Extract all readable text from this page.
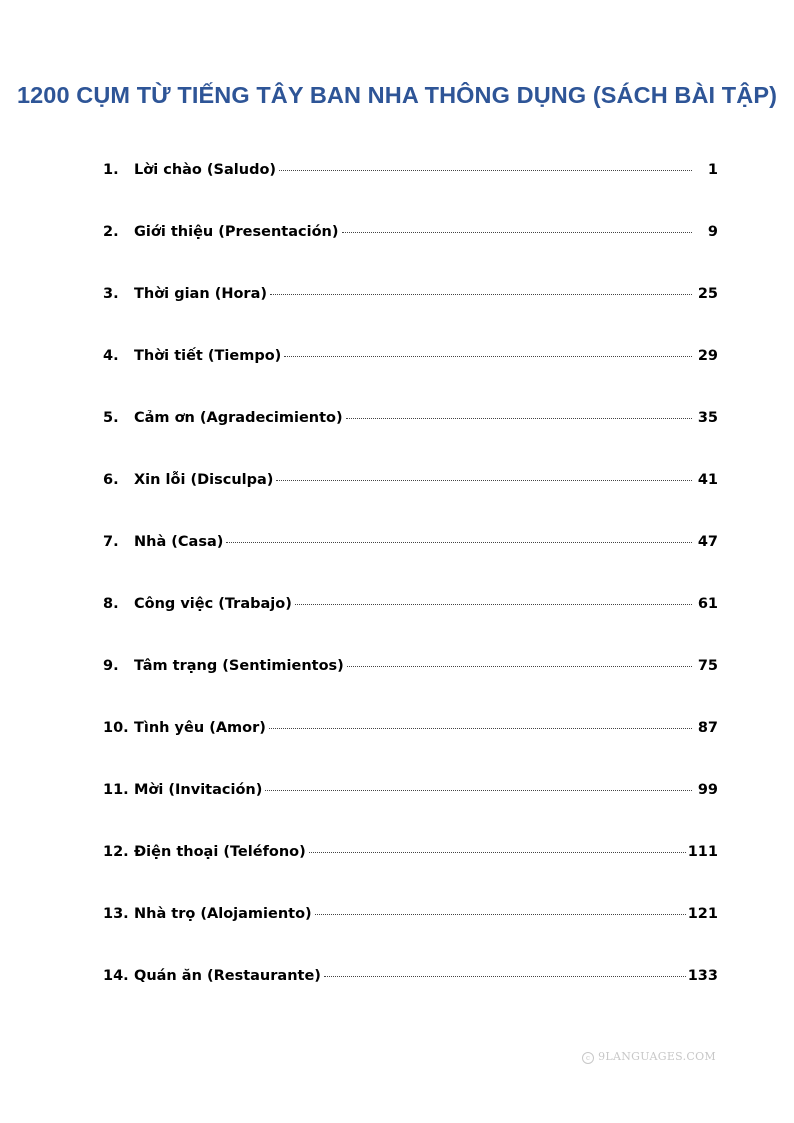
1200 CỤM TỪ TIẾNG TÂY BAN NHA THÔNG DỤNG (SÁCH BÀI TẬP)
1.	Lời chào (Saludo)	1
2.	Giới thiệu (Presentación)	9
3.	Thời gian (Hora)	25
4.	Thời tiết (Tiempo)	29
5.	Cảm ơn (Agradecimiento)	35
6.	Xin lỗi (Disculpa)	41
7.	Nhà (Casa)	47
8.	Công việc (Trabajo)	61
9.	Tâm trạng (Sentimientos)	75
10. Tình yêu (Amor)	87
11. Mời (Invitación)	99
12. Điện thoại (Teléfono)	111
13. Nhà trọ (Alojamiento)	121
14. Quán ăn (Restaurante)	133
c 9LANGUAGES.COM
